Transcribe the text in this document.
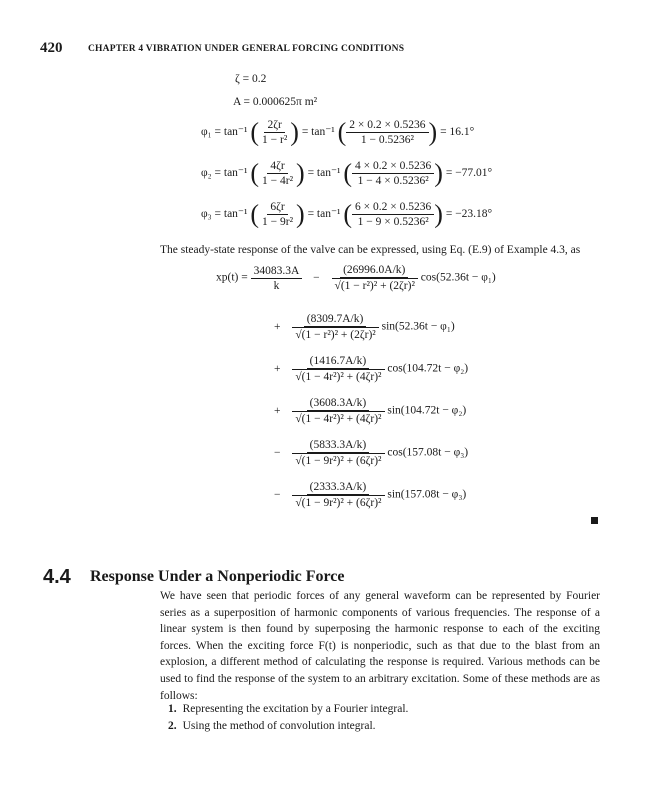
420	CHAPTER 4 VIBRATION UNDER GENERAL FORCING CONDITIONS
ζ = 0.2
A = 0.000625π m²
φ₁ = tan⁻¹ ( $\frac{2\zeta r}{\text{1 − r²}}$ ) = tan⁻¹ ( $\frac{2 \times 0.2 \times 0.5236}{\text{1 − 0.5236²}}$ ) = 16.1°
φ₂ = tan⁻¹ ( $\frac{4\zeta r}{\text{1 − 4r²}}$ ) = tan⁻¹ ( $\frac{4 \times 0.2 \times 0.5236}{\text{1 − 4 × 0.5236²}}$ ) = −77.01°
φ₃ = tan⁻¹ ( $\frac{6\zeta r}{\text{1 − 9r²}}$ ) = tan⁻¹ ( $\frac{6 \times 0.2 \times 0.5236}{\text{1 − 9 × 0.5236²}}$ ) = −23.18°
The steady-state response of the valve can be expressed, using Eq. (E.9) of Example 4.3, as
$xp(t) = \frac{34083.3A}{k} - \frac{(26996.0A/k)}{\text{√(1 − r²)² + (2ζr)²}} \cos(52.36t - \varphi_1)$
+ $\frac{(8309.7A/k)}{\text{√(1 − r²)² + (2ζr)²}} \sin(52.36t - \varphi_1)$
+ $\frac{(1416.7A/k)}{\text{√(1 − 4r²)² + (4ζr)²}} \cos(104.72t - \varphi_2)$
+ $\frac{(3608.3A/k)}{\text{√(1 − 4r²)² + (4ζr)²}} \sin(104.72t - \varphi_2)$
− $\frac{(5833.3A/k)}{\text{√(1 − 9r²)² + (6ζr)²}} \cos(157.08t - \varphi_3)$
− $\frac{(2333.3A/k)}{\text{√(1 − 9r²)² + (6ζr)²}} \sin(157.08t - \varphi_3)$
4.4 Response Under a Nonperiodic Force
We have seen that periodic forces of any general waveform can be represented by Fourier series as a superposition of harmonic components of various frequencies. The response of a linear system is then found by superposing the harmonic response to each of the exciting forces. When the exciting force F(t) is nonperiodic, such as that due to the blast from an explosion, a different method of calculating the response is required. Various methods can be used to find the response of the system to an arbitrary excitation. Some of these methods are as follows:
1. Representing the excitation by a Fourier integral.
2. Using the method of convolution integral.
